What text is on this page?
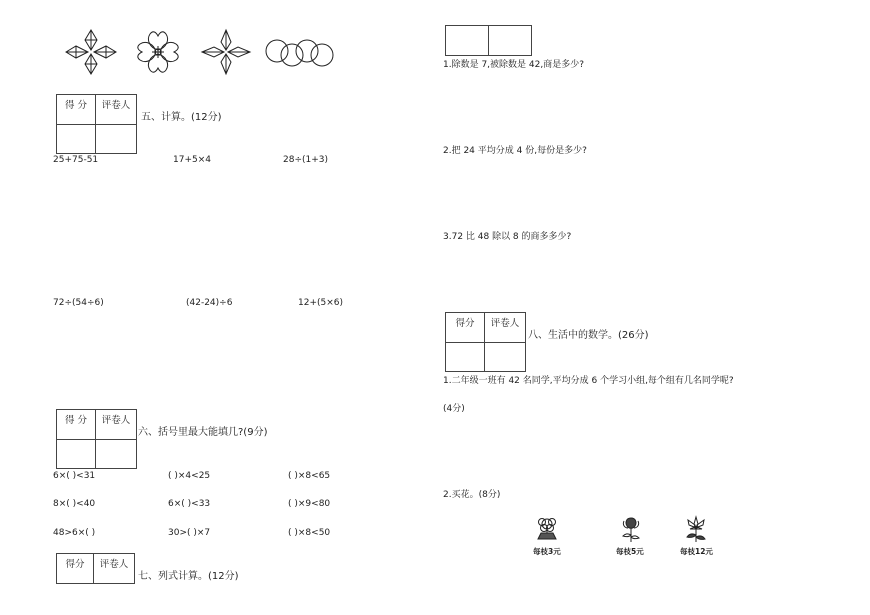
得 分	评卷人

五、计算。(12分)
25+75-51	17+5×4	28÷(1+3)
72÷(54÷6)	(42-24)÷6	12+(5×6)
得 分	评卷人

六、括号里最大能填几?(9分)
6×( )<31	( )×4<25	( )×8<65
8×( )<40	6×( )<33	( )×9<80
48>6×( )	30>( )×7	( )×8<50
得分	评卷人
七、列式计算。(12分)

1.除数是 7,被除数是 42,商是多少?
2.把 24 平均分成 4 份,每份是多少?
3.72 比 48 除以 8 的商多多少?
得分	评卷人

八、生活中的数学。(26分)
1.二年级一班有 42 名同学,平均分成 6 个学习小组,每个组有几名同学呢?
(4分)
2.买花。(8分)
每枝3元	每枝5元	每枝12元
